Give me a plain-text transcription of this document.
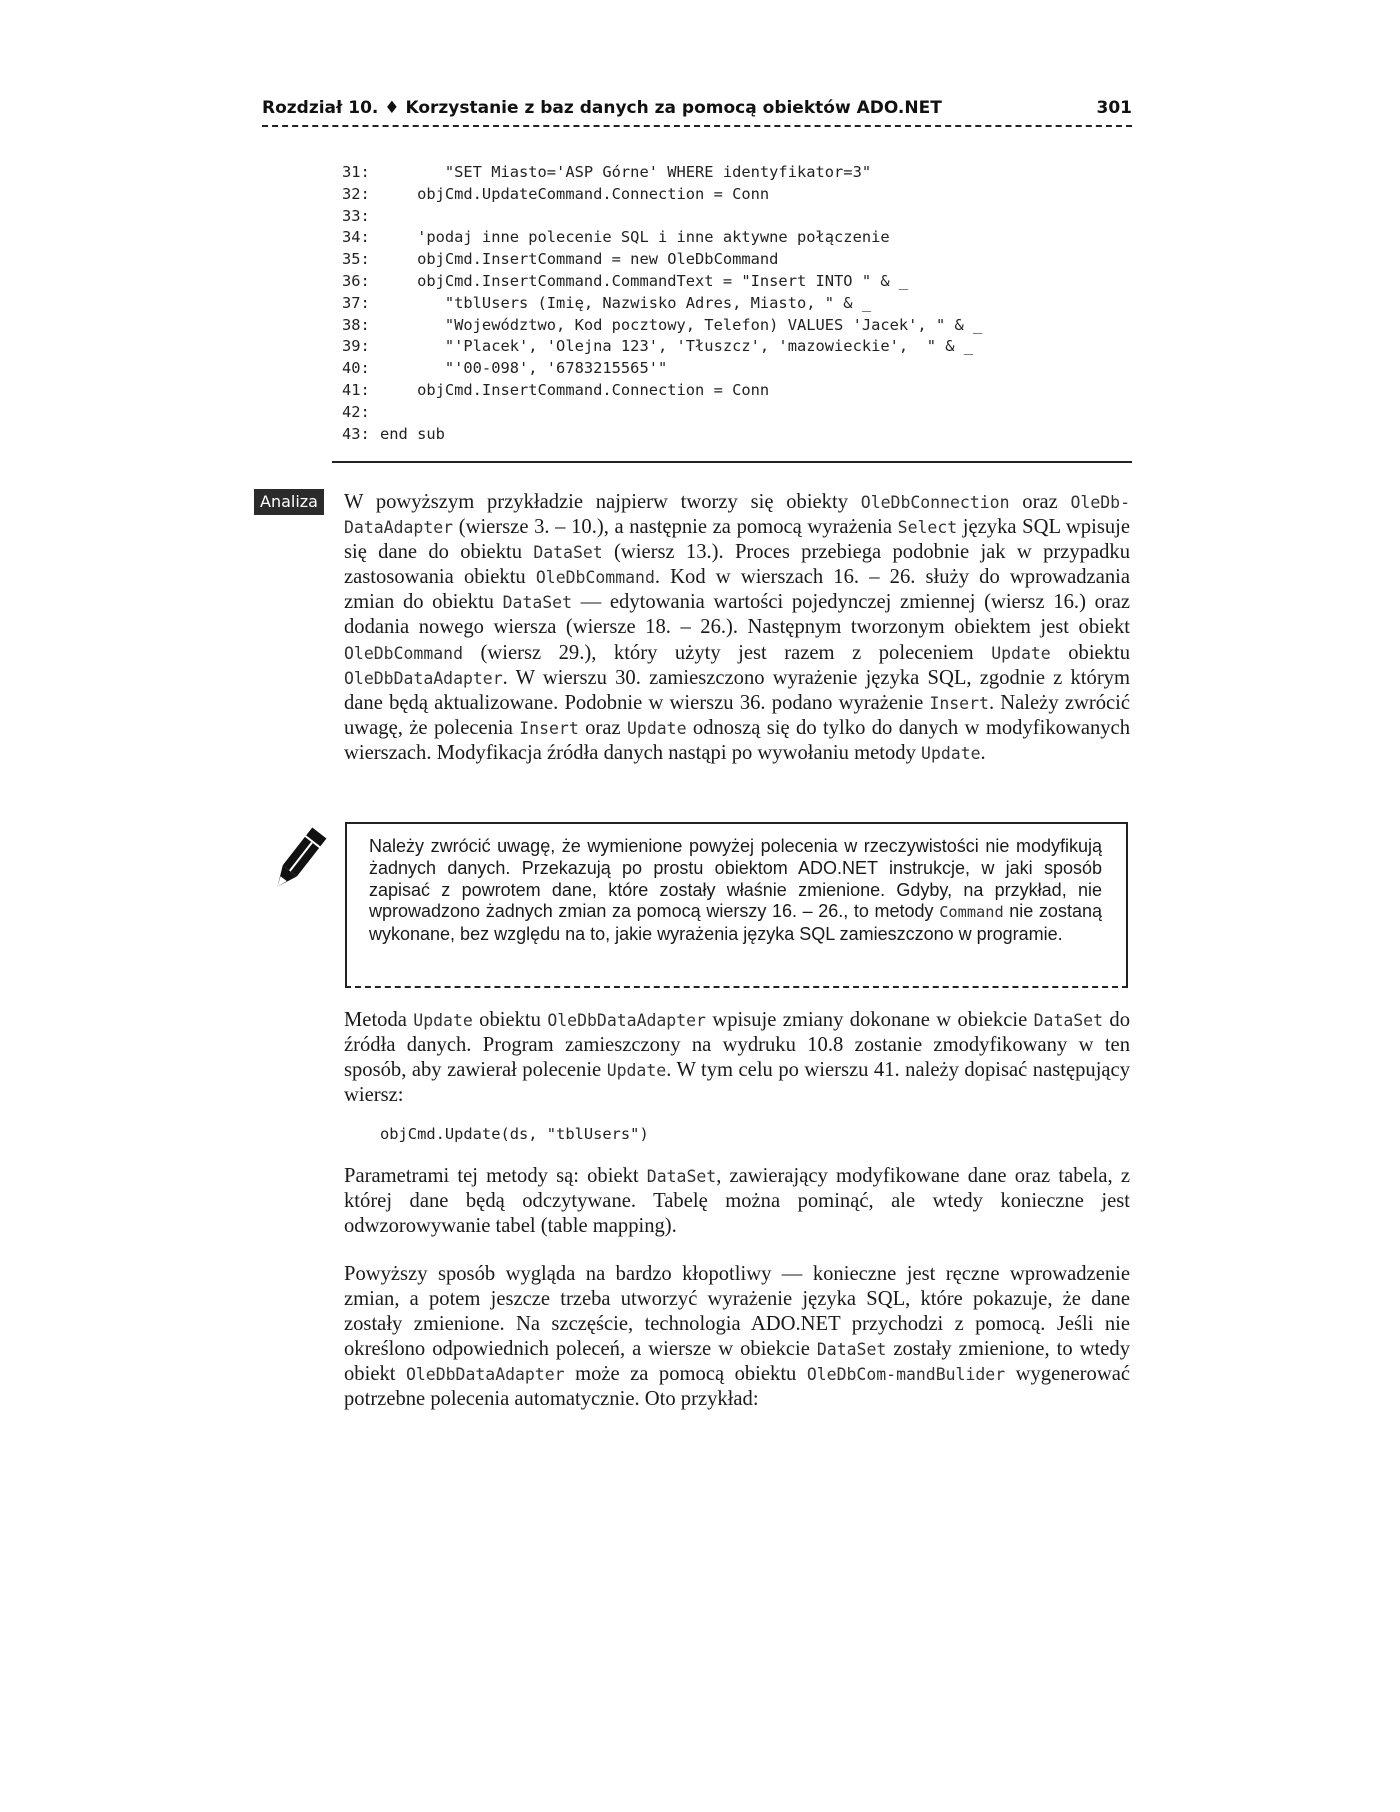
Rozdział 10. ♦ Korzystanie z baz danych za pomocą obiektów ADO.NET	301
31:       "SET Miasto='ASP Górne' WHERE identyfikator=3"
32:    objCmd.UpdateCommand.Connection = Conn
33:
34:    'podaj inne polecenie SQL i inne aktywne połączenie
35:    objCmd.InsertCommand = new OleDbCommand
36:    objCmd.InsertCommand.CommandText = "Insert INTO " & _
37:       "tblUsers (Imię, Nazwisko Adres, Miasto, " & _
38:       "Województwo, Kod pocztowy, Telefon) VALUES 'Jacek', " & _
39:       "'Placek', 'Olejna 123', 'Tłuszcz', 'mazowieckie',  " & _
40:       "'00-098', '6783215565'"
41:    objCmd.InsertCommand.Connection = Conn
42:
43: end sub
Analiza W powyższym przykładzie najpierw tworzy się obiekty OleDbConnection oraz OleDb-DataAdapter (wiersze 3. – 10.), a następnie za pomocą wyrażenia Select języka SQL wpisuje się dane do obiektu DataSet (wiersz 13.). Proces przebiega podobnie jak w przypadku zastosowania obiektu OleDbCommand. Kod w wierszach 16. – 26. służy do wprowadzania zmian do obiektu DataSet — edytowania wartości pojedynczej zmiennej (wiersz 16.) oraz dodania nowego wiersza (wiersze 18. – 26.). Następnym tworzonym obiektem jest obiekt OleDbCommand (wiersz 29.), który użyty jest razem z poleceniem Update obiektu OleDbDataAdapter. W wierszu 30. zamieszczono wyrażenie języka SQL, zgodnie z którym dane będą aktualizowane. Podobnie w wierszu 36. podano wyrażenie Insert. Należy zwrócić uwagę, że polecenia Insert oraz Update odnoszą się do tylko do danych w modyfikowanych wierszach. Modyfikacja źródła danych nastąpi po wywołaniu metody Update.
Należy zwrócić uwagę, że wymienione powyżej polecenia w rzeczywistości nie modyfikują żadnych danych. Przekazują po prostu obiektom ADO.NET instrukcje, w jaki sposób zapisać z powrotem dane, które zostały właśnie zmienione. Gdyby, na przykład, nie wprowadzono żadnych zmian za pomocą wierszy 16. – 26., to metody Command nie zostaną wykonane, bez względu na to, jakie wyrażenia języka SQL zamieszczono w programie.
Metoda Update obiektu OleDbDataAdapter wpisuje zmiany dokonane w obiekcie DataSet do źródła danych. Program zamieszczony na wydruku 10.8 zostanie zmodyfikowany w ten sposób, aby zawierał polecenie Update. W tym celu po wierszu 41. należy dopisać następujący wiersz:
objCmd.Update(ds, "tblUsers")
Parametrami tej metody są: obiekt DataSet, zawierający modyfikowane dane oraz tabela, z której dane będą odczytywane. Tabelę można pominąć, ale wtedy konieczne jest odwzorowywanie tabel (table mapping).
Powyższy sposób wygląda na bardzo kłopotliwy — konieczne jest ręczne wprowadzenie zmian, a potem jeszcze trzeba utworzyć wyrażenie języka SQL, które pokazuje, że dane zostały zmienione. Na szczęście, technologia ADO.NET przychodzi z pomocą. Jeśli nie określono odpowiednich poleceń, a wiersze w obiekcie DataSet zostały zmienione, to wtedy obiekt OleDbDataAdapter może za pomocą obiektu OleDbCom-mandBulider wygenerować potrzebne polecenia automatycznie. Oto przykład:
